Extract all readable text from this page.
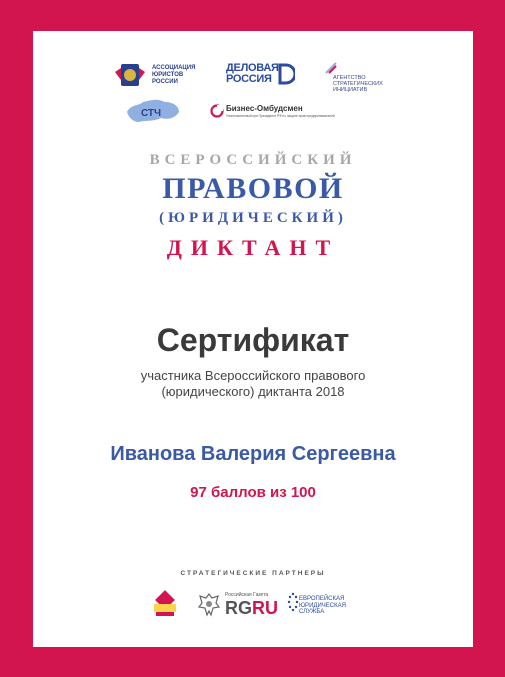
АССОЦИАЦИЯ ЮРИСТОВ РОССИИ
ДЕЛОВАЯ РОССИЯ	АГЕНТСТВО СТРАТЕГИЧЕСКИХ ИНИЦИАТИВ
СТЧ	Бизнес-Омбудсмен
Уполномоченный при Президенте РФ по защите прав предпринимателей
ВСЕРОССИЙСКИЙ
ПРАВОВОЙ
(ЮРИДИЧЕСКИЙ)
ДИКТАНТ
Сертификат
участника Всероссийского правового (юридического) диктанта 2018
Иванова Валерия Сергеевна
97 баллов из 100
СТРАТЕГИЧЕСКИЕ ПАРТНЕРЫ
Российская Газета
RGRU	ЕВРОПЕЙСКАЯ ЮРИДИЧЕСКАЯ СЛУЖБА
